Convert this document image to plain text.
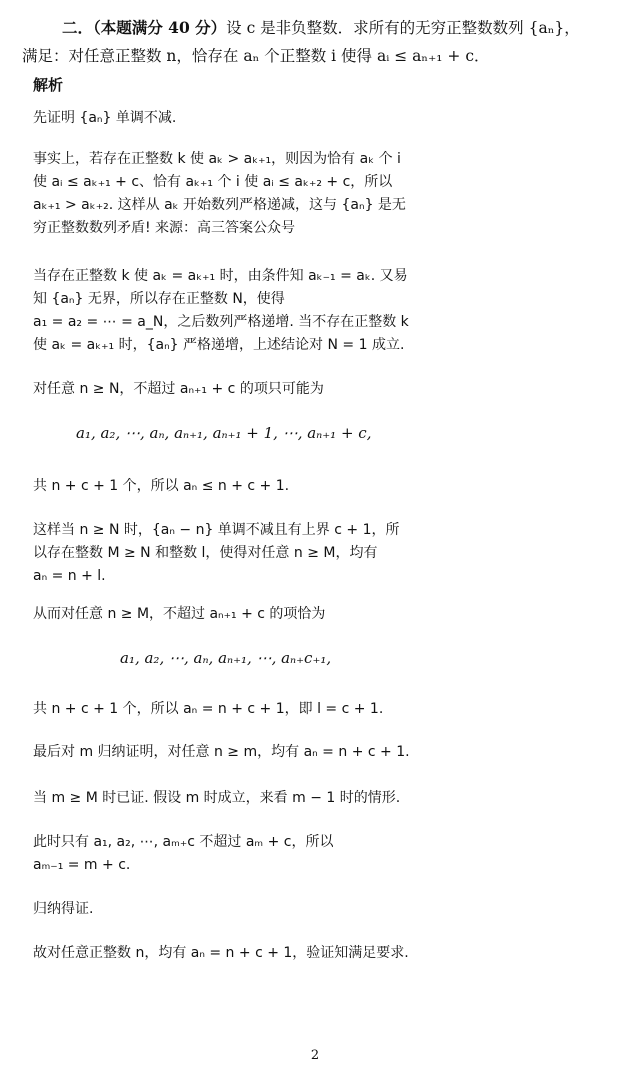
二．（本题满分 40 分）设 c 是非负整数．求所有的无穷正整数数列 {aₙ}，

满足：对任意正整数 n，恰存在 aₙ 个正整数 i 使得 aᵢ ≤ aₙ₊₁ + c．

解析

先证明 {aₙ} 单调不减.

事实上，若存在正整数 k 使 aₖ > aₖ₊₁，则因为恰有 aₖ 个 i
使 aᵢ ≤ aₖ₊₁ + c、恰有 aₖ₊₁ 个 i 使 aᵢ ≤ aₖ₊₂ + c，所以
aₖ₊₁ > aₖ₊₂. 这样从 aₖ 开始数列严格递减，这与 {aₙ} 是无
穷正整数数列矛盾! 来源：高三答案公众号

当存在正整数 k 使 aₖ = aₖ₊₁ 时，由条件知 aₖ₋₁ = aₖ. 又易
知 {aₙ} 无界，所以存在正整数 N，使得
a₁ = a₂ = ⋯ = a_N，之后数列严格递增. 当不存在正整数 k
使 aₖ = aₖ₊₁ 时，{aₙ} 严格递增，上述结论对 N = 1 成立.

对任意 n ≥ N，不超过 aₙ₊₁ + c 的项只可能为

a₁, a₂, ⋯, aₙ, aₙ₊₁, aₙ₊₁ + 1, ⋯, aₙ₊₁ + c,

共 n + c + 1 个，所以 aₙ ≤ n + c + 1.

这样当 n ≥ N 时，{aₙ − n} 单调不减且有上界 c + 1，所
以存在整数 M ≥ N 和整数 l，使得对任意 n ≥ M，均有
aₙ = n + l.

从而对任意 n ≥ M，不超过 aₙ₊₁ + c 的项恰为

a₁, a₂, ⋯, aₙ, aₙ₊₁, ⋯, aₙ₊c₊₁,

共 n + c + 1 个，所以 aₙ = n + c + 1，即 l = c + 1.

最后对 m 归纳证明，对任意 n ≥ m，均有 aₙ = n + c + 1.

当 m ≥ M 时已证. 假设 m 时成立，来看 m − 1 时的情形.

此时只有 a₁, a₂, ⋯, aₘ₊c 不超过 aₘ + c，所以
aₘ₋₁ = m + c.

归纳得证.

故对任意正整数 n，均有 aₙ = n + c + 1，验证知满足要求.

2
